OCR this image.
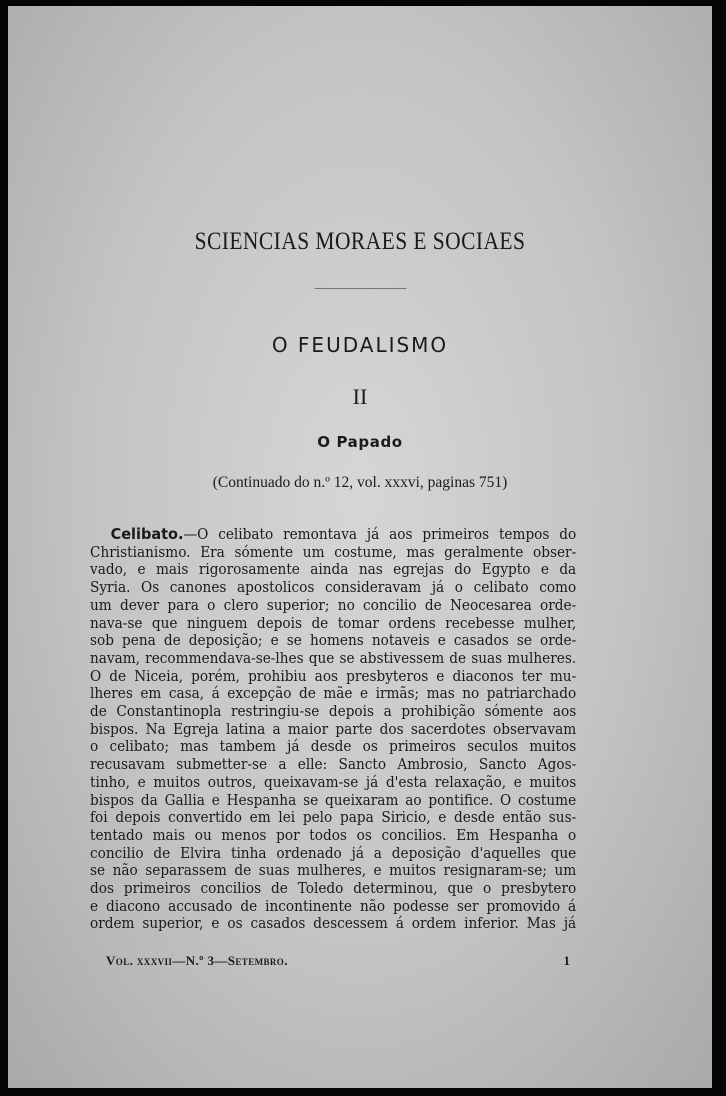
SCIENCIAS MORAES E SOCIAES
~~~~~~~~~~~~~~~~~~~~~~~~
O FEUDALISMO
II
O Papado
(Continuado do n.º 12, vol. xxxvi, paginas 751)
Celibato.—O celibato remontava já aos primeiros tempos do
Christianismo. Era sómente um costume, mas geralmente obser-
vado, e mais rigorosamente ainda nas egrejas do Egypto e da
Syria. Os canones apostolicos consideravam já o celibato como
um dever para o clero superior; no concilio de Neocesarea orde-
nava-se que ninguem depois de tomar ordens recebesse mulher,
sob pena de deposição; e se homens notaveis e casados se orde-
navam, recommendava-se-lhes que se abstivessem de suas mulheres.
O de Niceia, porém, prohibiu aos presbyteros e diaconos ter mu-
lheres em casa, á excepção de mãe e irmãs; mas no patriarchado
de Constantinopla restringiu-se depois a prohibição sómente aos
bispos. Na Egreja latina a maior parte dos sacerdotes observavam
o celibato; mas tambem já desde os primeiros seculos muitos
recusavam submetter-se a elle: Sancto Ambrosio, Sancto Agos-
tinho, e muitos outros, queixavam-se já d'esta relaxação, e muitos
bispos da Gallia e Hespanha se queixaram ao pontifice. O costume
foi depois convertido em lei pelo papa Siricio, e desde então sus-
tentado mais ou menos por todos os concilios. Em Hespanha o
concilio de Elvira tinha ordenado já a deposição d'aquelles que
se não separassem de suas mulheres, e muitos resignaram-se; um
dos primeiros concilios de Toledo determinou, que o presbytero
e diacono accusado de incontinente não podesse ser promovido á
ordem superior, e os casados descessem á ordem inferior. Mas já
Vol. xxxvii—N.º 3—Setembro.	1
